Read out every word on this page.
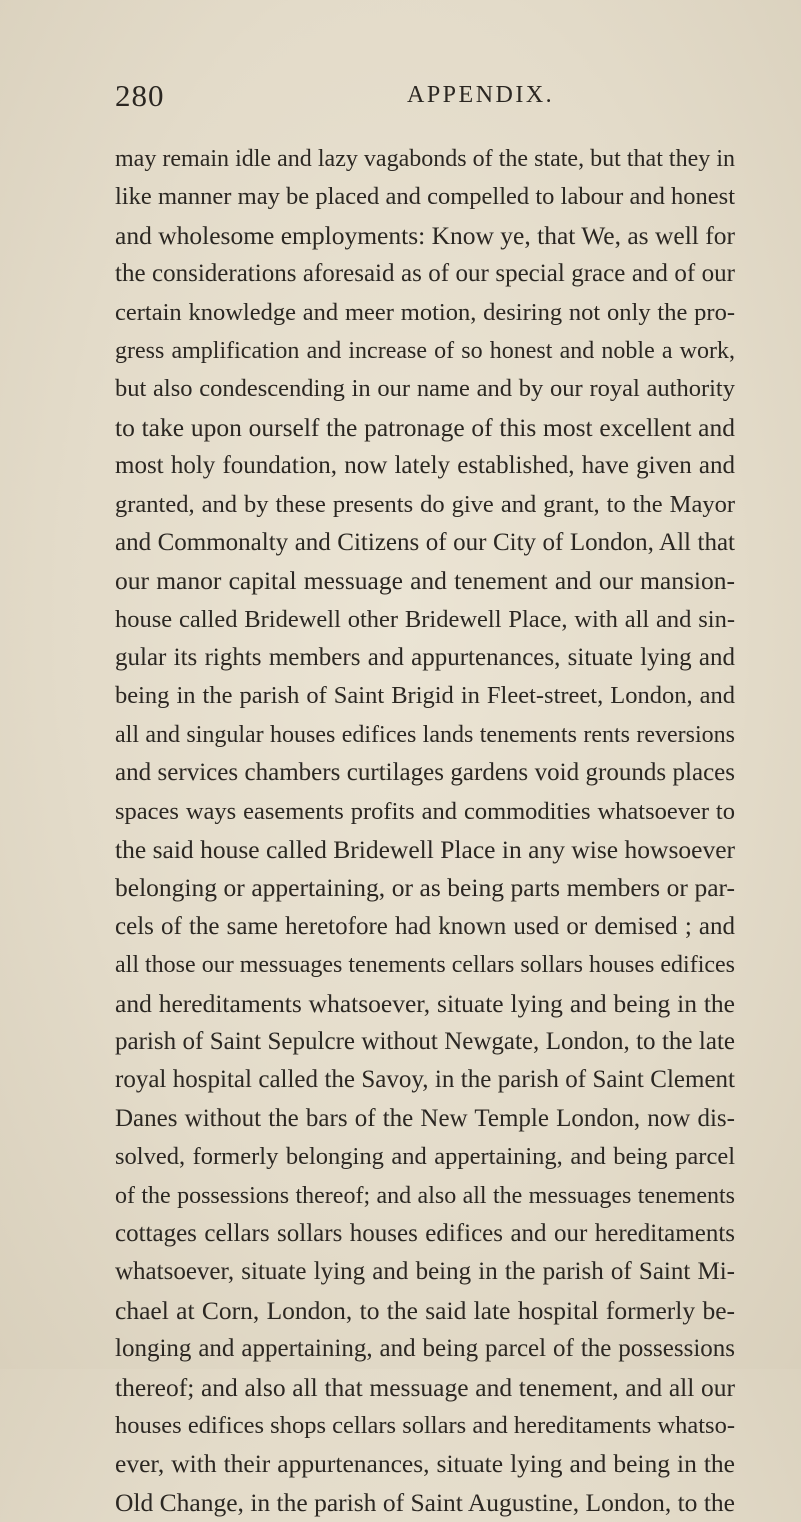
280	APPENDIX.
may remain idle and lazy vagabonds of the state, but that they in
like manner may be placed and compelled to labour and honest
and wholesome employments: Know ye, that We, as well for
the considerations aforesaid as of our special grace and of our
certain knowledge and meer motion, desiring not only the pro-
gress amplification and increase of so honest and noble a work,
but also condescending in our name and by our royal authority
to take upon ourself the patronage of this most excellent and
most holy foundation, now lately established, have given and
granted, and by these presents do give and grant, to the Mayor
and Commonalty and Citizens of our City of London, All that
our manor capital messuage and tenement and our mansion-
house called Bridewell other Bridewell Place, with all and sin-
gular its rights members and appurtenances, situate lying and
being in the parish of Saint Brigid in Fleet-street, London, and
all and singular houses edifices lands tenements rents reversions
and services chambers curtilages gardens void grounds places
spaces ways easements profits and commodities whatsoever to
the said house called Bridewell Place in any wise howsoever
belonging or appertaining, or as being parts members or par-
cels of the same heretofore had known used or demised ; and
all those our messuages tenements cellars sollars houses edifices
and hereditaments whatsoever, situate lying and being in the
parish of Saint Sepulcre without Newgate, London, to the late
royal hospital called the Savoy, in the parish of Saint Clement
Danes without the bars of the New Temple London, now dis-
solved, formerly belonging and appertaining, and being parcel
of the possessions thereof; and also all the messuages tenements
cottages cellars sollars houses edifices and our hereditaments
whatsoever, situate lying and being in the parish of Saint Mi-
chael at Corn, London, to the said late hospital formerly be-
longing and appertaining, and being parcel of the possessions
thereof; and also all that messuage and tenement, and all our
houses edifices shops cellars sollars and hereditaments whatso-
ever, with their appurtenances, situate lying and being in the
Old Change, in the parish of Saint Augustine, London, to the
